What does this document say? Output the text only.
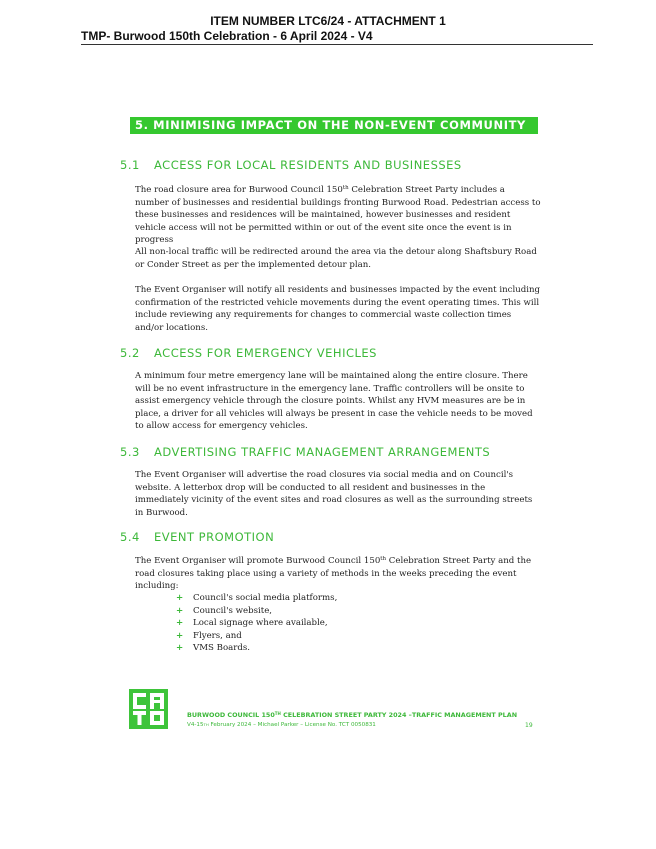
ITEM NUMBER LTC6/24 - ATTACHMENT 1
TMP- Burwood 150th Celebration - 6 April 2024 - V4
5. MINIMISING IMPACT ON THE NON-EVENT COMMUNITY
5.1 ACCESS FOR LOCAL RESIDENTS AND BUSINESSES
The road closure area for Burwood Council 150th Celebration Street Party includes a number of businesses and residential buildings fronting Burwood Road. Pedestrian access to these businesses and residences will be maintained, however businesses and resident vehicle access will not be permitted within or out of the event site once the event is in progress
All non-local traffic will be redirected around the area via the detour along Shaftsbury Road or Conder Street as per the implemented detour plan.
The Event Organiser will notify all residents and businesses impacted by the event including confirmation of the restricted vehicle movements during the event operating times. This will include reviewing any requirements for changes to commercial waste collection times and/or locations.
5.2 ACCESS FOR EMERGENCY VEHICLES
A minimum four metre emergency lane will be maintained along the entire closure. There will be no event infrastructure in the emergency lane. Traffic controllers will be onsite to assist emergency vehicle through the closure points. Whilst any HVM measures are be in place, a driver for all vehicles will always be present in case the vehicle needs to be moved to allow access for emergency vehicles.
5.3 ADVERTISING TRAFFIC MANAGEMENT ARRANGEMENTS
The Event Organiser will advertise the road closures via social media and on Council's website. A letterbox drop will be conducted to all resident and businesses in the immediately vicinity of the event sites and road closures as well as the surrounding streets in Burwood.
5.4 EVENT PROMOTION
The Event Organiser will promote Burwood Council 150th Celebration Street Party and the road closures taking place using a variety of methods in the weeks preceding the event including:
+	Council's social media platforms,
+	Council's website,
+	Local signage where available,
+	Flyers, and
+	VMS Boards.
BURWOOD COUNCIL 150TH CELEBRATION STREET PARTY 2024 –TRAFFIC MANAGEMENT PLAN
V4-15TH February 2024 – Michael Parker – License No. TCT 0050831	19
